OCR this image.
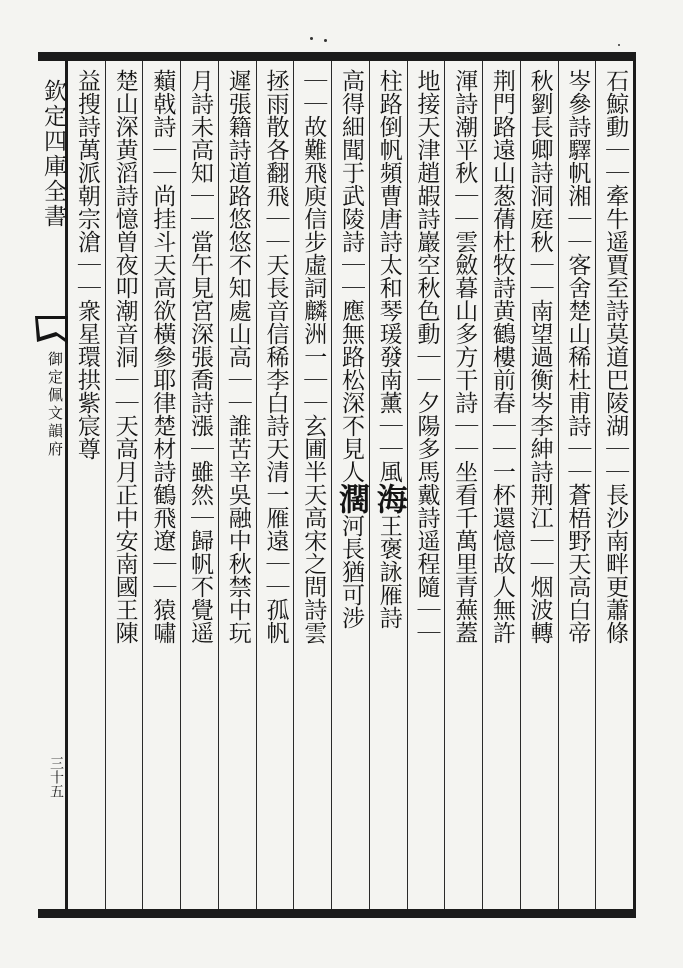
欽定四庫全書
御定佩文韻府
三十五
石鯨動｜｜牽牛遥賈至詩莫道巴陵湖｜｜長沙南畔更蕭條
岑參詩驛帆湘｜｜客舍楚山稀杜甫詩｜｜蒼梧野天高白帝
秋劉長卿詩洞庭秋｜｜南望過衡岑李紳詩荆江｜｜烟波轉
荆門路遠山葱蒨杜牧詩黄鶴樓前春｜｜一杯還憶故人無許
渾詩潮平秋｜｜雲斂暮山多方干詩｜｜坐看千萬里青蕪蓋
地接天津趙嘏詩巖空秋色動｜｜夕陽多馬戴詩遥程隨｜｜
柱路倒帆頻曹唐詩太和琴瑗發南薰｜｜風海王褒詠雁詩
高得細聞于武陵詩｜｜應無路松深不見人濶河長猶可涉
｜｜故難飛庾信步虛詞麟洲一｜｜玄圃半天高宋之問詩雲
拯雨散各翻飛｜｜天長音信稀李白詩天清一雁遠｜｜孤帆
遲張籍詩道路悠悠不知處山高｜｜誰苦辛吳融中秋禁中玩
月詩未高知｜｜當午見宮深張喬詩漲｜雖然｜歸帆不覺遥
蘱戟詩｜｜尚挂斗天高欲橫參耶律楚材詩鶴飛遼｜｜猿嘯
楚山深黄滔詩憶曽夜叩潮音洞｜｜天高月正中安南國王陳
益搜詩萬派朝宗滄｜｜衆星環拱紫宸尊
